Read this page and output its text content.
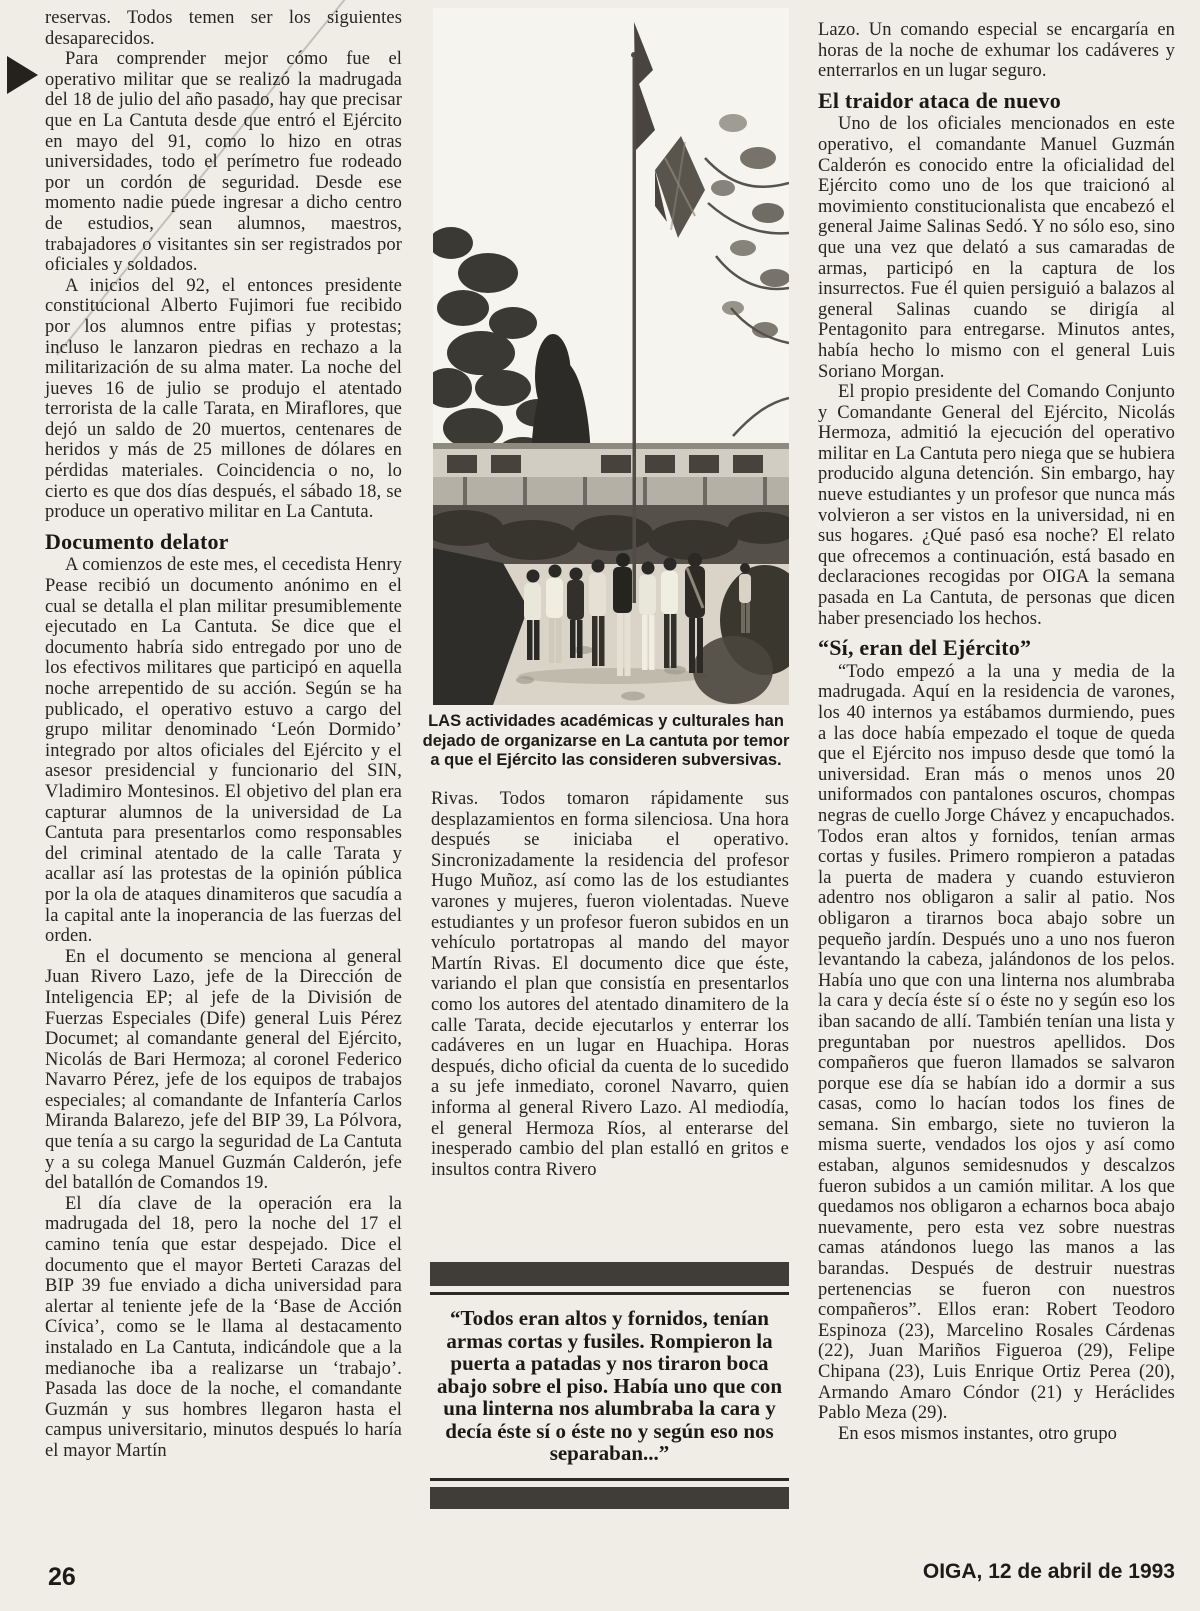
reservas. Todos temen ser los siguientes desaparecidos.

Para comprender mejor cómo fue el operativo militar que se realizó la madrugada del 18 de julio del año pasado, hay que precisar que en La Cantuta desde que entró el Ejército en mayo del 91, como lo hizo en otras universidades, todo el perímetro fue rodeado por un cordón de seguridad. Desde ese momento nadie puede ingresar a dicho centro de estudios, sean alumnos, maestros, trabajadores o visitantes sin ser registrados por oficiales y soldados.

A inicios del 92, el entonces presidente constitucional Alberto Fujimori fue recibido por los alumnos entre pifias y protestas; incluso le lanzaron piedras en rechazo a la militarización de su alma mater. La noche del jueves 16 de julio se produjo el atentado terrorista de la calle Tarata, en Miraflores, que dejó un saldo de 20 muertos, centenares de heridos y más de 25 millones de dólares en pérdidas materiales. Coincidencia o no, lo cierto es que dos días después, el sábado 18, se produce un operativo militar en La Cantuta.

Documento delator

A comienzos de este mes, el cecedista Henry Pease recibió un documento anónimo en el cual se detalla el plan militar presumiblemente ejecutado en La Cantuta. Se dice que el documento habría sido entregado por uno de los efectivos militares que participó en aquella noche arrepentido de su acción. Según se ha publicado, el operativo estuvo a cargo del grupo militar denominado ‘León Dormido’ integrado por altos oficiales del Ejército y el asesor presidencial y funcionario del SIN, Vladimiro Montesinos. El objetivo del plan era capturar alumnos de la universidad de La Cantuta para presentarlos como responsables del criminal atentado de la calle Tarata y acallar así las protestas de la opinión pública por la ola de ataques dinamiteros que sacudía a la capital ante la inoperancia de las fuerzas del orden.

En el documento se menciona al general Juan Rivero Lazo, jefe de la Dirección de Inteligencia EP; al jefe de la División de Fuerzas Especiales (Dife) general Luis Pérez Documet; al comandante general del Ejército, Nicolás de Bari Hermoza; al coronel Federico Navarro Pérez, jefe de los equipos de trabajos especiales; al comandante de Infantería Carlos Miranda Balarezo, jefe del BIP 39, La Pólvora, que tenía a su cargo la seguridad de La Cantuta y a su colega Manuel Guzmán Calderón, jefe del batallón de Comandos 19.

El día clave de la operación era la madrugada del 18, pero la noche del 17 el camino tenía que estar despejado. Dice el documento que el mayor Berteti Carazas del BIP 39 fue enviado a dicha universidad para alertar al teniente jefe de la ‘Base de Acción Cívica’, como se le llama al destacamento instalado en La Cantuta, indicándole que a la medianoche iba a realizarse un ‘trabajo’. Pasada las doce de la noche, el comandante Guzmán y sus hombres llegaron hasta el campus universitario, minutos después lo haría el mayor Martín

LAS actividades académicas y culturales han dejado de organizarse en La cantuta por temor a que el Ejército las consideren subversivas.

Rivas. Todos tomaron rápidamente sus desplazamientos en forma silenciosa. Una hora después se iniciaba el operativo. Sincronizadamente la residencia del profesor Hugo Muñoz, así como las de los estudiantes varones y mujeres, fueron violentadas. Nueve estudiantes y un profesor fueron subidos en un vehículo portatropas al mando del mayor Martín Rivas. El documento dice que éste, variando el plan que consistía en presentarlos como los autores del atentado dinamitero de la calle Tarata, decide ejecutarlos y enterrar los cadáveres en un lugar en Huachipa. Horas después, dicho oficial da cuenta de lo sucedido a su jefe inmediato, coronel Navarro, quien informa al general Rivero Lazo. Al mediodía, el general Hermoza Ríos, al enterarse del inesperado cambio del plan estalló en gritos e insultos contra Rivero

“Todos eran altos y fornidos, tenían armas cortas y fusiles. Rompieron la puerta a patadas y nos tiraron boca abajo sobre el piso. Había uno que con una linterna nos alumbraba la cara y decía éste sí o éste no y según eso nos separaban...”

Lazo. Un comando especial se encargaría en horas de la noche de exhumar los cadáveres y enterrarlos en un lugar seguro.

El traidor ataca de nuevo

Uno de los oficiales mencionados en este operativo, el comandante Manuel Guzmán Calderón es conocido entre la oficialidad del Ejército como uno de los que traicionó al movimiento constitucionalista que encabezó el general Jaime Salinas Sedó. Y no sólo eso, sino que una vez que delató a sus camaradas de armas, participó en la captura de los insurrectos. Fue él quien persiguió a balazos al general Salinas cuando se dirigía al Pentagonito para entregarse. Minutos antes, había hecho lo mismo con el general Luis Soriano Morgan.

El propio presidente del Comando Conjunto y Comandante General del Ejército, Nicolás Hermoza, admitió la ejecución del operativo militar en La Cantuta pero niega que se hubiera producido alguna detención. Sin embargo, hay nueve estudiantes y un profesor que nunca más volvieron a ser vistos en la universidad, ni en sus hogares. ¿Qué pasó esa noche? El relato que ofrecemos a continuación, está basado en declaraciones recogidas por OIGA la semana pasada en La Cantuta, de personas que dicen haber presenciado los hechos.

“Sí, eran del Ejército”

“Todo empezó a la una y media de la madrugada. Aquí en la residencia de varones, los 40 internos ya estábamos durmiendo, pues a las doce había empezado el toque de queda que el Ejército nos impuso desde que tomó la universidad. Eran más o menos unos 20 uniformados con pantalones oscuros, chompas negras de cuello Jorge Chávez y encapuchados. Todos eran altos y fornidos, tenían armas cortas y fusiles. Primero rompieron a patadas la puerta de madera y cuando estuvieron adentro nos obligaron a salir al patio. Nos obligaron a tirarnos boca abajo sobre un pequeño jardín. Después uno a uno nos fueron levantando la cabeza, jalándonos de los pelos. Había uno que con una linterna nos alumbraba la cara y decía éste sí o éste no y según eso los iban sacando de allí. También tenían una lista y preguntaban por nuestros apellidos. Dos compañeros que fueron llamados se salvaron porque ese día se habían ido a dormir a sus casas, como lo hacían todos los fines de semana. Sin embargo, siete no tuvieron la misma suerte, vendados los ojos y así como estaban, algunos semidesnudos y descalzos fueron subidos a un camión militar. A los que quedamos nos obligaron a echarnos boca abajo nuevamente, pero esta vez sobre nuestras camas atándonos luego las manos a las barandas. Después de destruir nuestras pertenencias se fueron con nuestros compañeros”. Ellos eran: Robert Teodoro Espinoza (23), Marcelino Rosales Cárdenas (22), Juan Mariños Figueroa (29), Felipe Chipana (23), Luis Enrique Ortiz Perea (20), Armando Amaro Cóndor (21) y Heráclides Pablo Meza (29).

En esos mismos instantes, otro grupo

26	OIGA, 12 de abril de 1993
